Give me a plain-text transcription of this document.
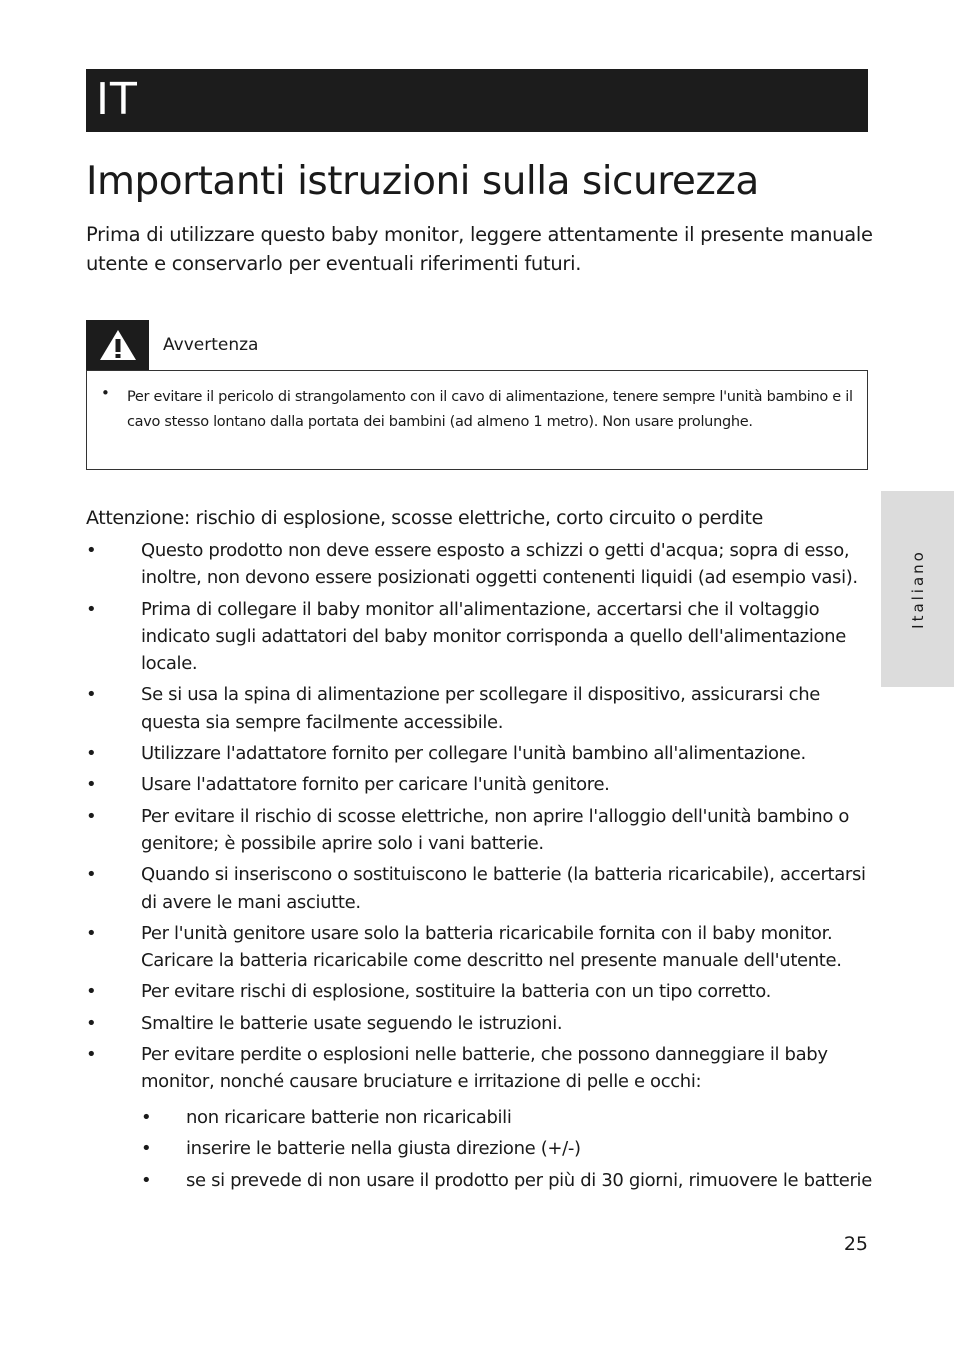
IT
Importanti istruzioni sulla sicurezza

Prima di utilizzare questo baby monitor, leggere attentamente il presente manuale utente e conservarlo per eventuali riferimenti futuri.

Avvertenza
• Per evitare il pericolo di strangolamento con il cavo di alimentazione, tenere sempre l'unità bambino e il cavo stesso lontano dalla portata dei bambini (ad almeno 1 metro). Non usare prolunghe.

Attenzione: rischio di esplosione, scosse elettriche, corto circuito o perdite
• Questo prodotto non deve essere esposto a schizzi o getti d'acqua; sopra di esso, inoltre, non devono essere posizionati oggetti contenenti liquidi (ad esempio vasi).
• Prima di collegare il baby monitor all'alimentazione, accertarsi che il voltaggio indicato sugli adattatori del baby monitor corrisponda a quello dell'alimentazione locale.
• Se si usa la spina di alimentazione per scollegare il dispositivo, assicurarsi che questa sia sempre facilmente accessibile.
• Utilizzare l'adattatore fornito per collegare l'unità bambino all'alimentazione.
• Usare l'adattatore fornito per caricare l'unità genitore.
• Per evitare il rischio di scosse elettriche, non aprire l'alloggio dell'unità bambino o genitore; è possibile aprire solo i vani batterie.
• Quando si inseriscono o sostituiscono le batterie (la batteria ricaricabile), accertarsi di avere le mani asciutte.
• Per l'unità genitore usare solo la batteria ricaricabile fornita con il baby monitor. Caricare la batteria ricaricabile come descritto nel presente manuale dell'utente.
• Per evitare rischi di esplosione, sostituire la batteria con un tipo corretto.
• Smaltire le batterie usate seguendo le istruzioni.
• Per evitare perdite o esplosioni nelle batterie, che possono danneggiare il baby monitor, nonché causare bruciature e irritazione di pelle e occhi:
• non ricaricare batterie non ricaricabili
• inserire le batterie nella giusta direzione (+/-)
• se si prevede di non usare il prodotto per più di 30 giorni, rimuovere le batterie
Italiano
25
